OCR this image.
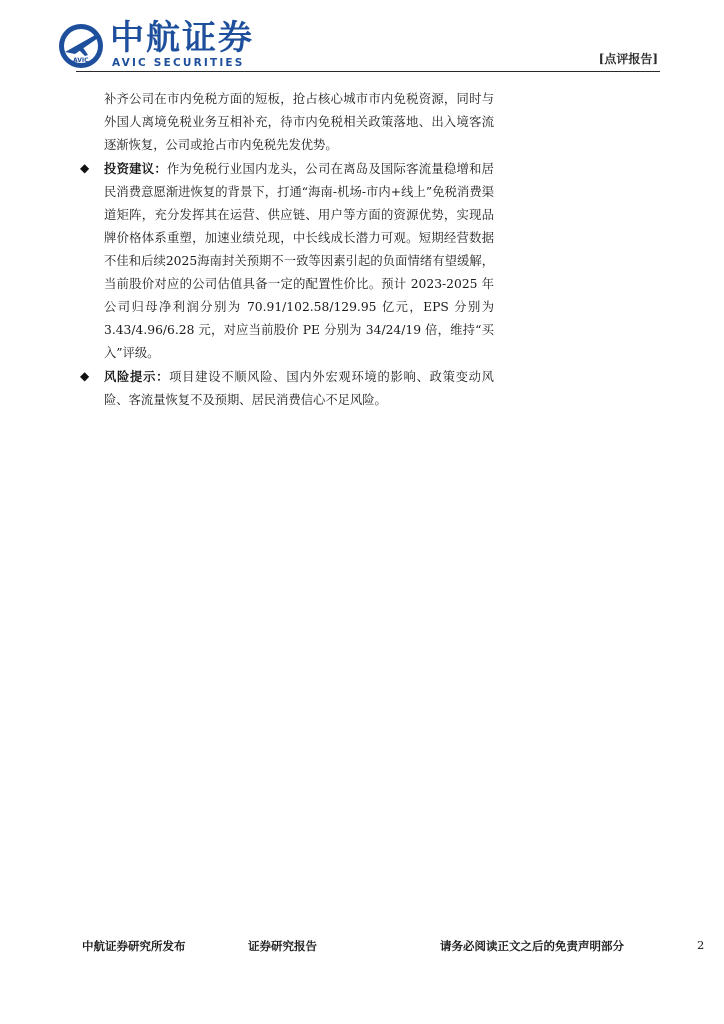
AVIC
中航证券
AVIC SECURITIES	[点评报告]

补齐公司在市内免税方面的短板，抢占核心城市市内免税资源，同时与外国人离境免税业务互相补充，待市内免税相关政策落地、出入境客流逐渐恢复，公司或抢占市内免税先发优势。

◆ 投资建议：作为免税行业国内龙头，公司在离岛及国际客流量稳增和居民消费意愿渐进恢复的背景下，打通“海南-机场-市内+线上”免税消费渠道矩阵，充分发挥其在运营、供应链、用户等方面的资源优势，实现品牌价格体系重塑，加速业绩兑现，中长线成长潜力可观。短期经营数据不佳和后续2025海南封关预期不一致等因素引起的负面情绪有望缓解，当前股价对应的公司估值具备一定的配置性价比。预计 2023-2025 年公司归母净利润分别为 70.91/102.58/129.95 亿元，EPS 分别为 3.43/4.96/6.28 元，对应当前股价 PE 分别为 34/24/19 倍，维持“买入”评级。

◆ 风险提示：项目建设不顺风险、国内外宏观环境的影响、政策变动风险、客流量恢复不及预期、居民消费信心不足风险。

中航证券研究所发布	证券研究报告	请务必阅读正文之后的免责声明部分	2
